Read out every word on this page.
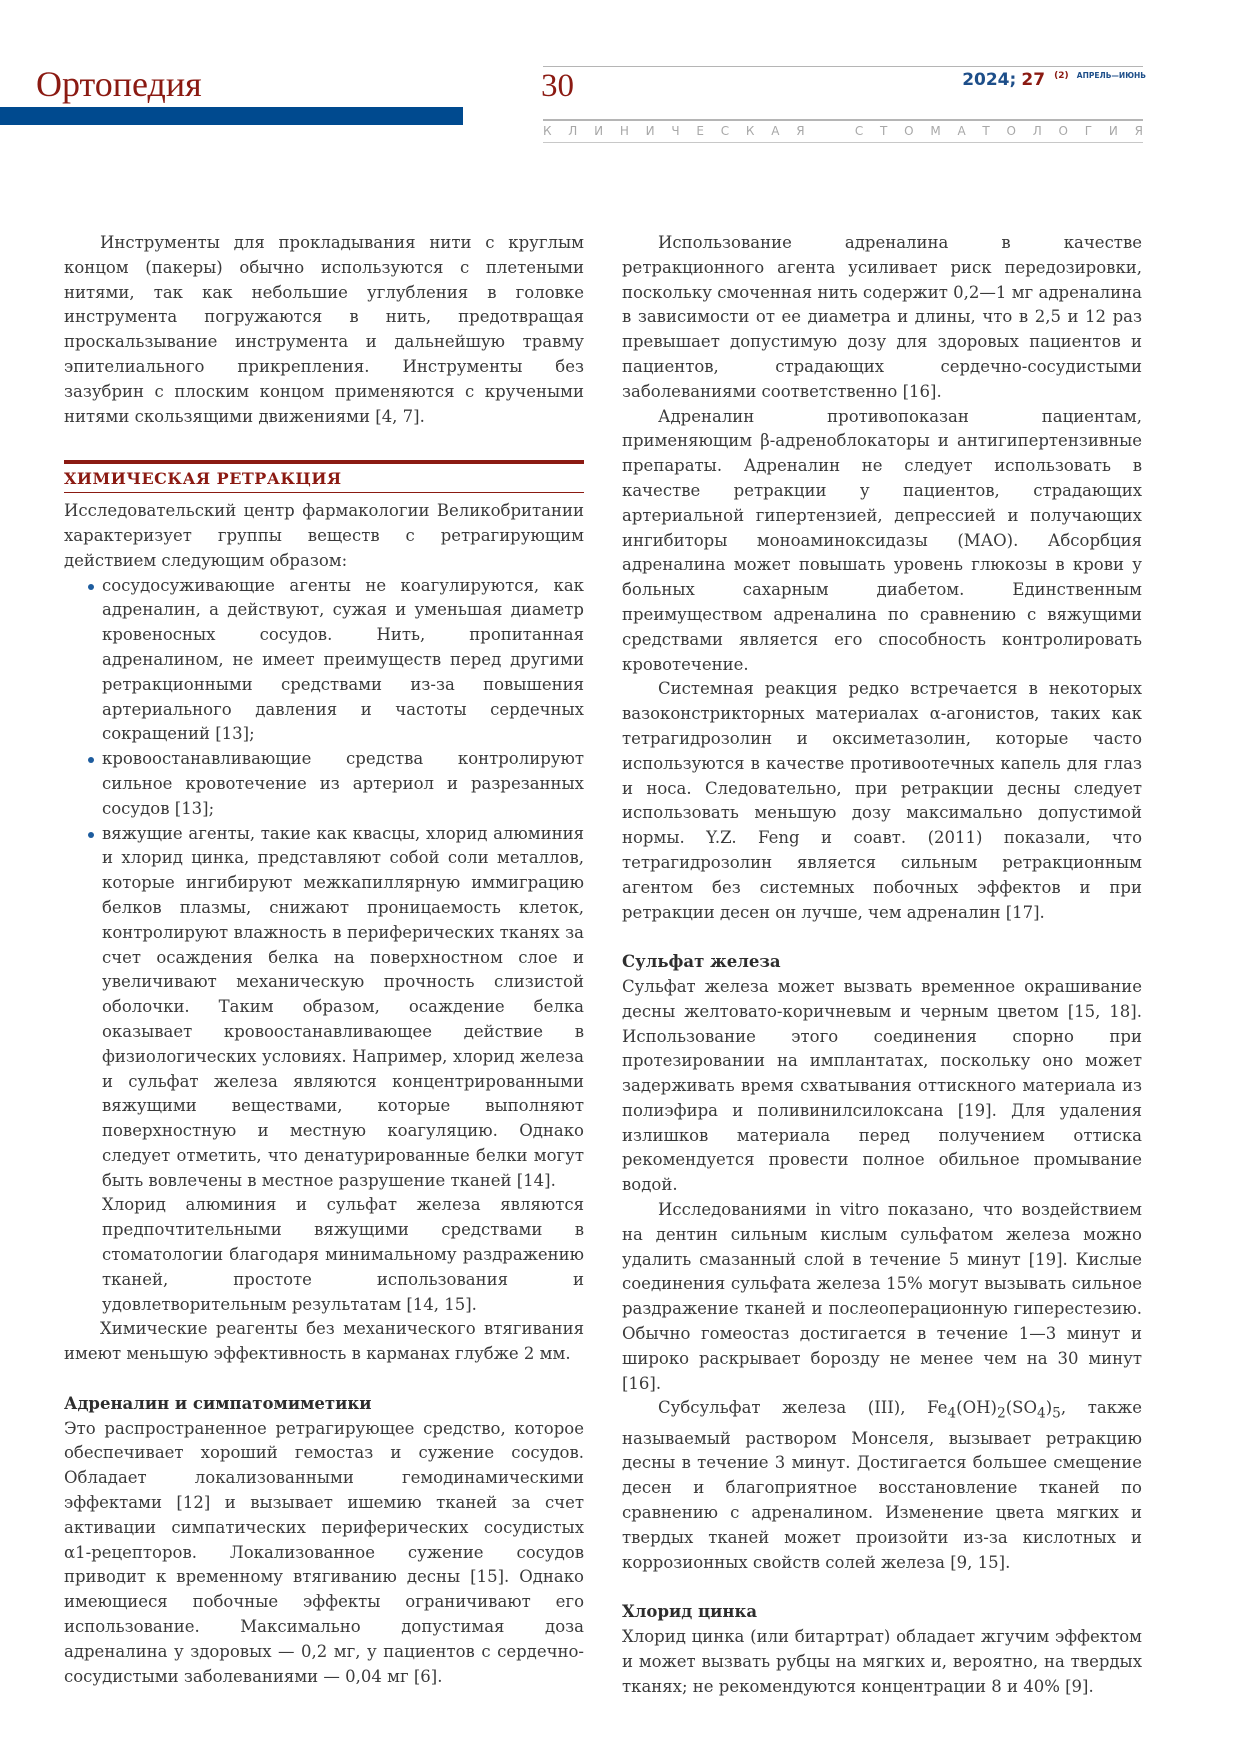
Ортопедия	30	2024; 27 $^{(2)}$ $^{АПРЕЛЬ—ИЮНЬ}$
К Л И Н И Ч Е С К А Я	С Т О М А Т О Л О Г И Я

Инструменты для прокладывания нити с круглым концом (пакеры) обычно используются с плетеными нитями, так как небольшие углубления в головке инструмента погружаются в нить, предотвращая проскальзывание инструмента и дальнейшую травму эпителиального прикрепления. Инструменты без зазубрин с плоским концом применяются с кручеными нитями скользящими движениями [4, 7].

ХИМИЧЕСКАЯ РЕТРАКЦИЯ

Исследовательский центр фармакологии Великобритании характеризует группы веществ с ретрагирующим действием следующим образом:

сосудосуживающие агенты не коагулируются, как адреналин, а действуют, сужая и уменьшая диаметр кровеносных сосудов. Нить, пропитанная адреналином, не имеет преимуществ перед другими ретракционными средствами из-за повышения артериального давления и частоты сердечных сокращений [13];
кровоостанавливающие средства контролируют сильное кровотечение из артериол и разрезанных сосудов [13];
вяжущие агенты, такие как квасцы, хлорид алюминия и хлорид цинка, представляют собой соли металлов, которые ингибируют межкапиллярную иммиграцию белков плазмы, снижают проницаемость клеток, контролируют влажность в периферических тканях за счет осаждения белка на поверхностном слое и увеличивают механическую прочность слизистой оболочки. Таким образом, осаждение белка оказывает кровоостанавливающее действие в физиологических условиях. Например, хлорид железа и сульфат железа являются концентрированными вяжущими веществами, которые выполняют поверхностную и местную коагуляцию. Однако следует отметить, что денатурированные белки могут быть вовлечены в местное разрушение тканей [14].
Хлорид алюминия и сульфат железа являются предпочтительными вяжущими средствами в стоматологии благодаря минимальному раздражению тканей, простоте использования и удовлетворительным результатам [14, 15].

Химические реагенты без механического втягивания имеют меньшую эффективность в карманах глубже 2 мм.

Адреналин и симпатомиметики

Это распространенное ретрагирующее средство, которое обеспечивает хороший гемостаз и сужение сосудов. Обладает локализованными гемодинамическими эффектами [12] и вызывает ишемию тканей за счет активации симпатических периферических сосудистых α1-рецепторов. Локализованное сужение сосудов приводит к временному втягиванию десны [15]. Однако имеющиеся побочные эффекты ограничивают его использование. Максимально допустимая доза адреналина у здоровых — 0,2 мг, у пациентов с сердечно-сосудистыми заболеваниями — 0,04 мг [6].

Использование адреналина в качестве ретракционного агента усиливает риск передозировки, поскольку смоченная нить содержит 0,2—1 мг адреналина в зависимости от ее диаметра и длины, что в 2,5 и 12 раз превышает допустимую дозу для здоровых пациентов и пациентов, страдающих сердечно-сосудистыми заболеваниями соответственно [16].

Адреналин противопоказан пациентам, применяющим β-адреноблокаторы и антигипертензивные препараты. Адреналин не следует использовать в качестве ретракции у пациентов, страдающих артериальной гипертензией, депрессией и получающих ингибиторы моноаминоксидазы (МАО). Абсорбция адреналина может повышать уровень глюкозы в крови у больных сахарным диабетом. Единственным преимуществом адреналина по сравнению с вяжущими средствами является его способность контролировать кровотечение.

Системная реакция редко встречается в некоторых вазоконстрикторных материалах α-агонистов, таких как тетрагидрозолин и оксиметазолин, которые часто используются в качестве противоотечных капель для глаз и носа. Следовательно, при ретракции десны следует использовать меньшую дозу максимально допустимой нормы. Y.Z. Feng и соавт. (2011) показали, что тетрагидрозолин является сильным ретракционным агентом без системных побочных эффектов и при ретракции десен он лучше, чем адреналин [17].

Сульфат железа

Сульфат железа может вызвать временное окрашивание десны желтовато-коричневым и черным цветом [15, 18]. Использование этого соединения спорно при протезировании на имплантатах, поскольку оно может задерживать время схватывания оттискного материала из полиэфира и поливинилсилоксана [19]. Для удаления излишков материала перед получением оттиска рекомендуется провести полное обильное промывание водой.

Исследованиями in vitro показано, что воздействием на дентин сильным кислым сульфатом железа можно удалить смазанный слой в течение 5 минут [19]. Кислые соединения сульфата железа 15% могут вызывать сильное раздражение тканей и послеоперационную гиперестезию. Обычно гомеостаз достигается в течение 1—3 минут и широко раскрывает борозду не менее чем на 30 минут [16].

Субсульфат железа (III), $Fe_4(OH)_2(SO_4)_5$, также называемый раствором Монселя, вызывает ретракцию десны в течение 3 минут. Достигается большее смещение десен и благоприятное восстановление тканей по сравнению с адреналином. Изменение цвета мягких и твердых тканей может произойти из-за кислотных и коррозионных свойств солей железа [9, 15].

Хлорид цинка

Хлорид цинка (или битартрат) обладает жгучим эффектом и может вызвать рубцы на мягких и, вероятно, на твердых тканях; не рекомендуются концентрации 8 и 40% [9].
